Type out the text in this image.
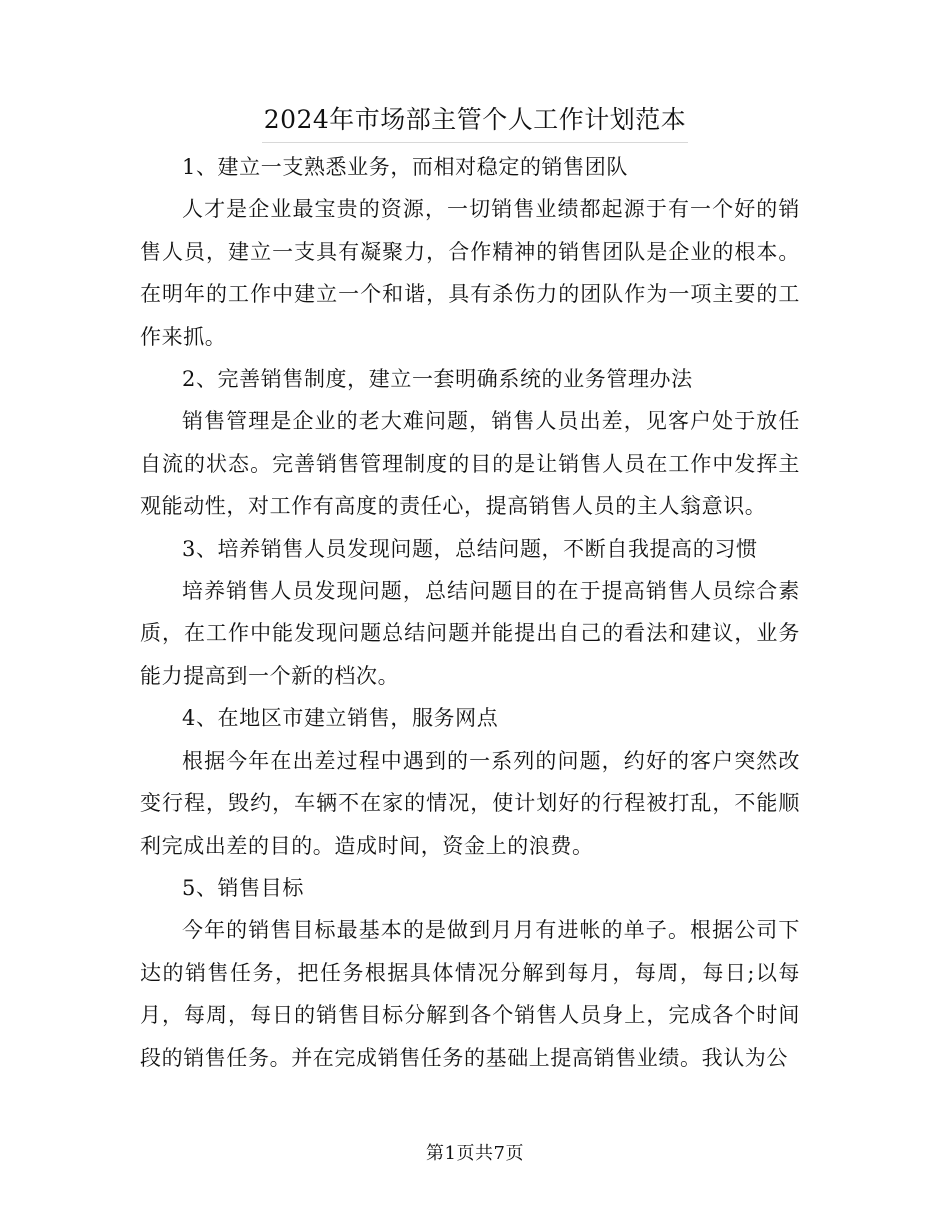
2024年市场部主管个人工作计划范本

1、建立一支熟悉业务，而相对稳定的销售团队

人才是企业最宝贵的资源，一切销售业绩都起源于有一个好的销售人员，建立一支具有凝聚力，合作精神的销售团队是企业的根本。在明年的工作中建立一个和谐，具有杀伤力的团队作为一项主要的工作来抓。

2、完善销售制度，建立一套明确系统的业务管理办法

销售管理是企业的老大难问题，销售人员出差，见客户处于放任自流的状态。完善销售管理制度的目的是让销售人员在工作中发挥主观能动性，对工作有高度的责任心，提高销售人员的主人翁意识。

3、培养销售人员发现问题，总结问题，不断自我提高的习惯

培养销售人员发现问题，总结问题目的在于提高销售人员综合素质，在工作中能发现问题总结问题并能提出自己的看法和建议，业务能力提高到一个新的档次。

4、在地区市建立销售，服务网点

根据今年在出差过程中遇到的一系列的问题，约好的客户突然改变行程，毁约，车辆不在家的情况，使计划好的行程被打乱，不能顺利完成出差的目的。造成时间，资金上的浪费。

5、销售目标

今年的销售目标最基本的是做到月月有进帐的单子。根据公司下达的销售任务，把任务根据具体情况分解到每月，每周，每日;以每月，每周，每日的销售目标分解到各个销售人员身上，完成各个时间段的销售任务。并在完成销售任务的基础上提高销售业绩。我认为公

第1页共7页
